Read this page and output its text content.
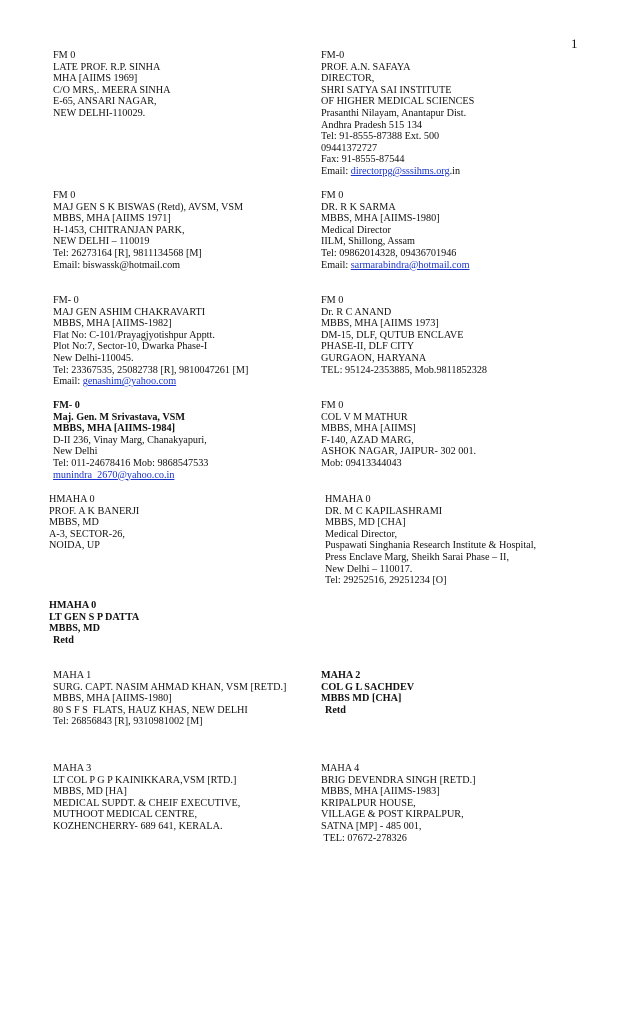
1
FM 0
LATE PROF. R.P. SINHA
MHA [AIIMS 1969]
C/O MRS,. MEERA SINHA
E-65, ANSARI NAGAR,
NEW DELHI-110029.
FM-0
PROF. A.N. SAFAYA
DIRECTOR,
SHRI SATYA SAI INSTITUTE
OF HIGHER MEDICAL SCIENCES
Prasanthi Nilayam, Anantapur Dist.
Andhra Pradesh 515 134
Tel: 91-8555-87388 Ext. 500
09441372727
Fax: 91-8555-87544
Email: directorpg@sssihms.org.in
FM 0
MAJ GEN S K BISWAS (Retd), AVSM, VSM
MBBS, MHA [AIIMS 1971]
H-1453, CHITRANJAN PARK,
NEW DELHI – 110019
Tel: 26273164 [R], 9811134568 [M]
Email: biswassk@hotmail.com
FM 0
DR. R K SARMA
MBBS, MHA [AIIMS-1980]
Medical Director
IILM, Shillong, Assam
Tel: 09862014328, 09436701946
Email: sarmarabindra@hotmail.com
FM- 0
MAJ GEN ASHIM CHAKRAVARTI
MBBS, MHA [AIIMS-1982]
Flat No: C-101/Prayagjyotishpur Apptt.
Plot No:7, Sector-10, Dwarka Phase-I
New Delhi-110045.
Tel: 23367535, 25082738 [R], 9810047261 [M]
Email: genashim@yahoo.com
FM 0
Dr. R C ANAND
MBBS, MHA [AIIMS 1973]
DM-15, DLF, QUTUB ENCLAVE
PHASE-II, DLF CITY
GURGAON, HARYANA
TEL: 95124-2353885, Mob.9811852328
FM- 0
Maj. Gen. M Srivastava, VSM
MBBS, MHA [AIIMS-1984]
D-II 236, Vinay Marg, Chanakyapuri,
New Delhi
Tel: 011-24678416 Mob: 9868547533
munindra_2670@yahoo.co.in
FM 0
COL V M MATHUR
MBBS, MHA [AIIMS]
F-140, AZAD MARG,
ASHOK NAGAR, JAIPUR- 302 001.
Mob: 09413344043
HMAHA 0
PROF. A K BANERJI
MBBS, MD
A-3, SECTOR-26,
NOIDA, UP
HMAHA 0
DR. M C KAPILASHRAMI
MBBS, MD [CHA]
Medical Director,
Puspawati Singhania Research Institute & Hospital,
Press Enclave Marg, Sheikh Sarai Phase – II,
New Delhi – 110017.
Tel: 29252516, 29251234 [O]
HMAHA 0
LT GEN S P DATTA
MBBS, MD
Retd
MAHA 1
SURG. CAPT. NASIM AHMAD KHAN, VSM [RETD.]
MBBS, MHA [AIIMS-1980]
80 S F S  FLATS, HAUZ KHAS, NEW DELHI
Tel: 26856843 [R], 9310981002 [M]
MAHA 2
COL G L SACHDEV
MBBS MD [CHA]
Retd
MAHA 3
LT COL P G P KAINIKKARA,VSM [RTD.]
MBBS, MD [HA]
MEDICAL SUPDT. & CHEIF EXECUTIVE,
MUTHOOT MEDICAL CENTRE,
KOZHENCHERRY- 689 641, KERALA.
MAHA 4
BRIG DEVENDRA SINGH [RETD.]
MBBS, MHA [AIIMS-1983]
KRIPALPUR HOUSE,
VILLAGE & POST KIRPALPUR,
SATNA [MP] - 485 001,
TEL: 07672-278326
